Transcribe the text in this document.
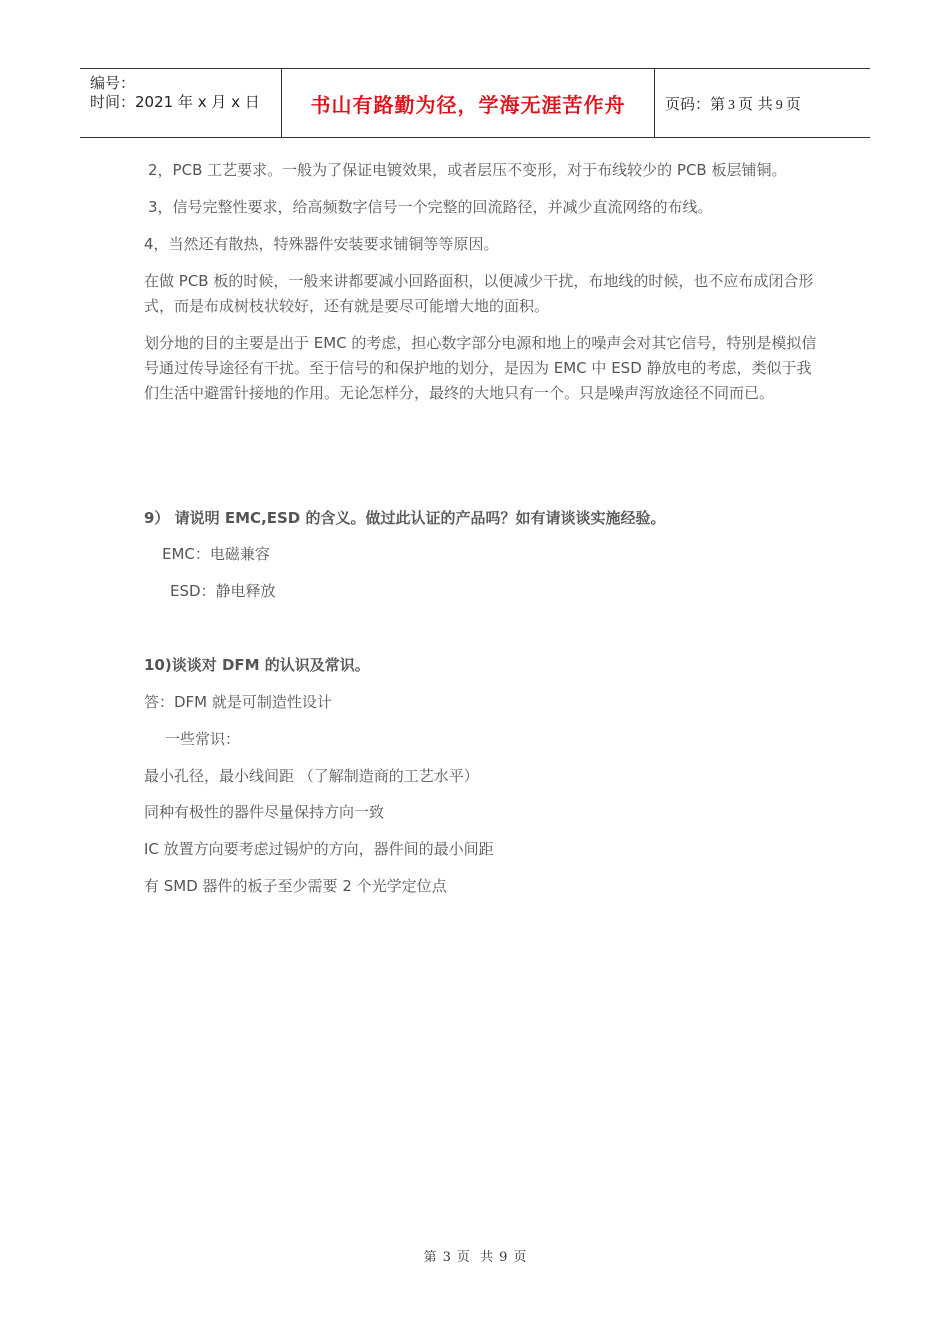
编号：
时间：2021 年 x 月 x 日	书山有路勤为径，学海无涯苦作舟	页码：第 3 页 共 9 页

2，PCB 工艺要求。一般为了保证电镀效果，或者层压不变形，对于布线较少的 PCB 板层铺铜。

3，信号完整性要求，给高频数字信号一个完整的回流路径，并减少直流网络的布线。

4，当然还有散热，特殊器件安装要求铺铜等等原因。

在做 PCB 板的时候，一般来讲都要减小回路面积，以便减少干扰，布地线的时候，也不应布成闭合形式，而是布成树枝状较好，还有就是要尽可能增大地的面积。

划分地的目的主要是出于 EMC 的考虑，担心数字部分电源和地上的噪声会对其它信号，特别是模拟信号通过传导途径有干扰。至于信号的和保护地的划分，是因为 EMC 中 ESD 静放电的考虑，类似于我们生活中避雷针接地的作用。无论怎样分，最终的大地只有一个。只是噪声泻放途径不同而已。

9） 请说明 EMC,ESD 的含义。做过此认证的产品吗？如有请谈谈实施经验。
EMC：电磁兼容
ESD：静电释放
10)谈谈对 DFM 的认识及常识。
答：DFM 就是可制造性设计
一些常识：
最小孔径，最小线间距 （了解制造商的工艺水平）
同种有极性的器件尽量保持方向一致
IC 放置方向要考虑过锡炉的方向，器件间的最小间距
有 SMD 器件的板子至少需要 2 个光学定位点
第 3 页 共 9 页
